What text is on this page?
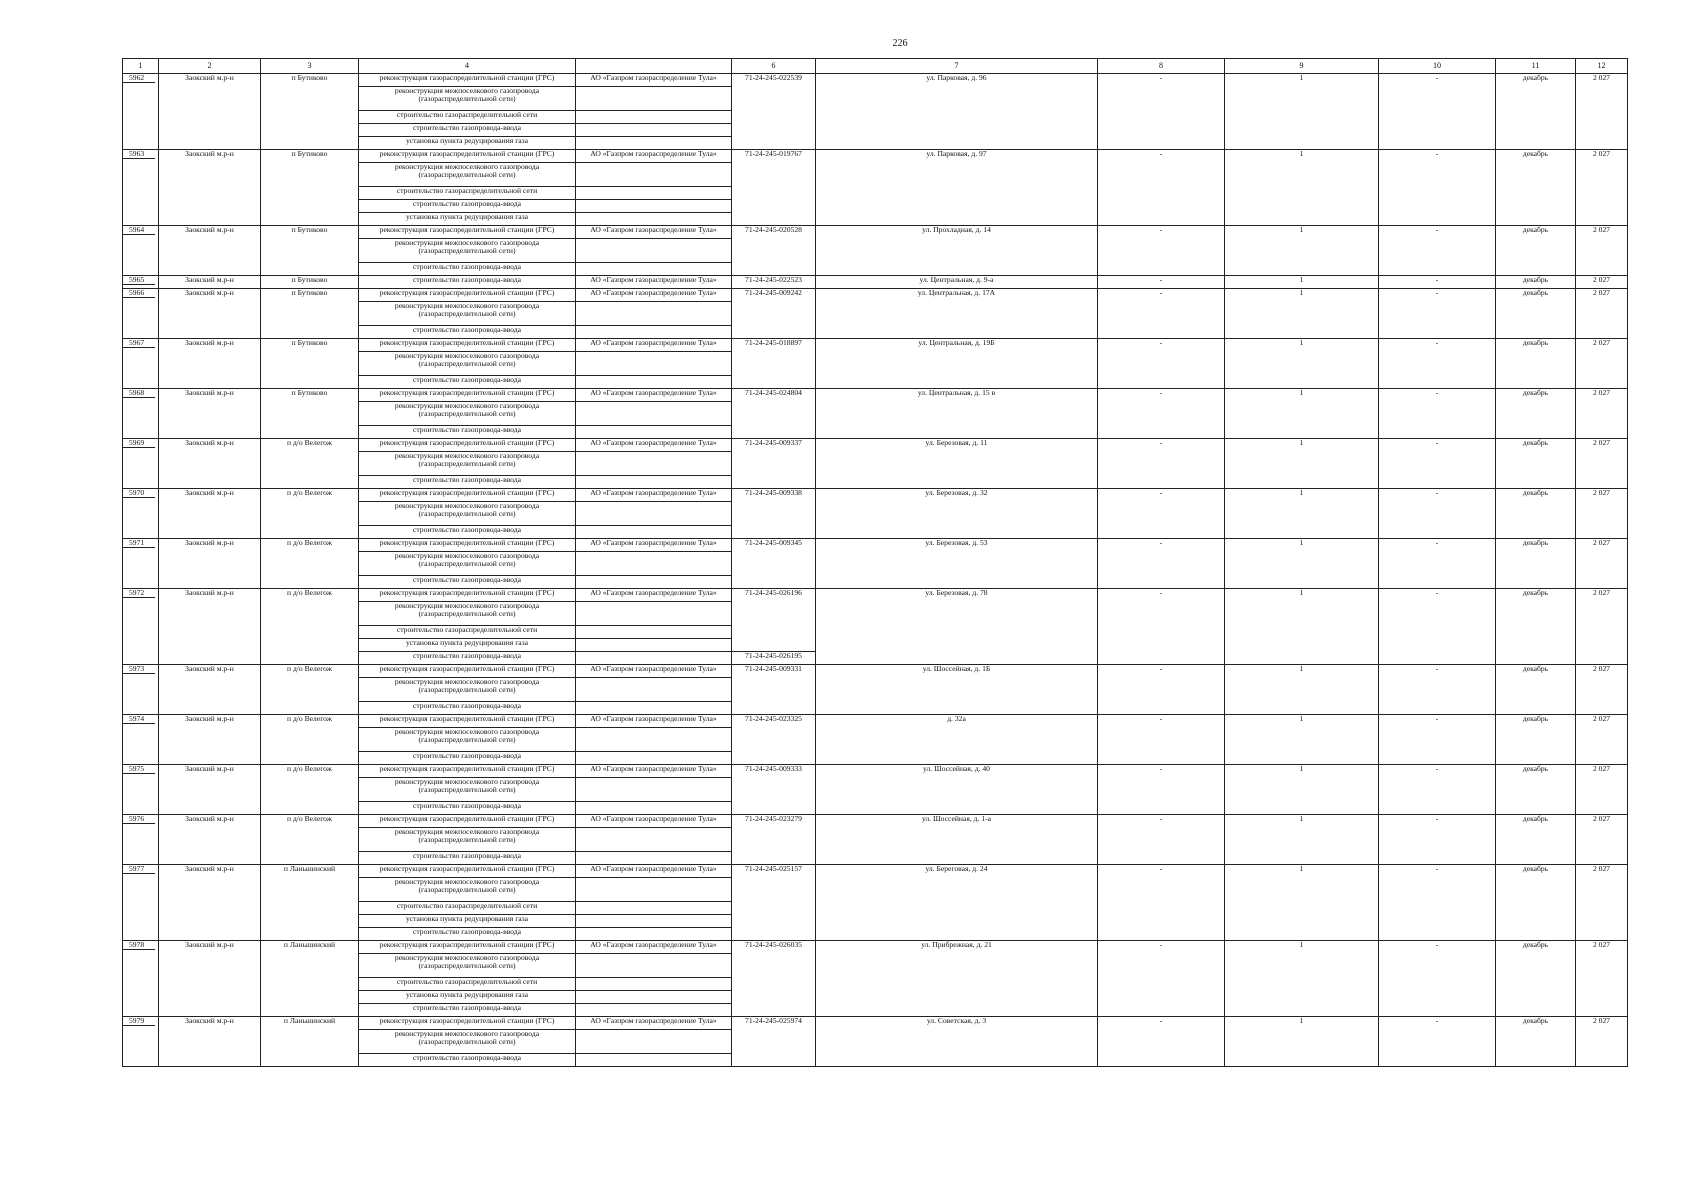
226
1	2	3	4		6	7	8	9	10	11	12

5962	Заокский м.р-н	п Бутиково	реконструкция газораспределительной станции (ГРС)	АО «Газпром газораспределение Тула»	71-24-245-022539	ул. Парковая, д. 96	-	1	-	декабрь	2 027
			реконструкция межпоселкового газопровода (газораспределительной сети)								
			строительство газораспределительной сети								
			строительство газопровода-ввода								
			установка пункта редуцирования газа								

5963	Заокский м.р-н	п Бутиково	реконструкция газораспределительной станции (ГРС)	АО «Газпром газораспределение Тула»	71-24-245-019767	ул. Парковая, д. 97	-	1	-	декабрь	2 027
			реконструкция межпоселкового газопровода (газораспределительной сети)								
			строительство газораспределительной сети								
			строительство газопровода-ввода								
			установка пункта редуцирования газа								

5964	Заокский м.р-н	п Бутиково	реконструкция газораспределительной станции (ГРС)	АО «Газпром газораспределение Тула»	71-24-245-020528	ул. Прохладная, д. 14	-	1	-	декабрь	2 027
			реконструкция межпоселкового газопровода (газораспределительной сети)								
			строительство газопровода-ввода								

5965	Заокский м.р-н	п Бутиково	строительство газопровода-ввода	АО «Газпром газораспределение Тула»	71-24-245-022523	ул. Центральная, д. 9-а	-	1	-	декабрь	2 027

5966	Заокский м.р-н	п Бутиково	реконструкция газораспределительной станции (ГРС)	АО «Газпром газораспределение Тула»	71-24-245-009242	ул. Центральная, д. 17А	-	1	-	декабрь	2 027
			реконструкция межпоселкового газопровода (газораспределительной сети)								
			строительство газопровода-ввода								

5967	Заокский м.р-н	п Бутиково	реконструкция газораспределительной станции (ГРС)	АО «Газпром газораспределение Тула»	71-24-245-018897	ул. Центральная, д. 19Б	-	1	-	декабрь	2 027
			реконструкция межпоселкового газопровода (газораспределительной сети)								
			строительство газопровода-ввода								

5968	Заокский м.р-н	п Бутиково	реконструкция газораспределительной станции (ГРС)	АО «Газпром газораспределение Тула»	71-24-245-024804	ул. Центральная, д. 15 в	-	1	-	декабрь	2 027
			реконструкция межпоселкового газопровода (газораспределительной сети)								
			строительство газопровода-ввода								

5969	Заокский м.р-н	п д/о Велегож	реконструкция газораспределительной станции (ГРС)	АО «Газпром газораспределение Тула»	71-24-245-009337	ул. Березовая, д. 11	-	1	-	декабрь	2 027
			реконструкция межпоселкового газопровода (газораспределительной сети)								
			строительство газопровода-ввода								

5970	Заокский м.р-н	п д/о Велегож	реконструкция газораспределительной станции (ГРС)	АО «Газпром газораспределение Тула»	71-24-245-009338	ул. Березовая, д. 32	-	1	-	декабрь	2 027
			реконструкция межпоселкового газопровода (газораспределительной сети)								
			строительство газопровода-ввода								

5971	Заокский м.р-н	п д/о Велегож	реконструкция газораспределительной станции (ГРС)	АО «Газпром газораспределение Тула»	71-24-245-009345	ул. Березовая, д. 53	-	1	-	декабрь	2 027
			реконструкция межпоселкового газопровода (газораспределительной сети)								
			строительство газопровода-ввода								

5972	Заокский м.р-н	п д/о Велегож	реконструкция газораспределительной станции (ГРС)	АО «Газпром газораспределение Тула»	71-24-245-026196	ул. Березовая, д. 78	-	1	-	декабрь	2 027
			реконструкция межпоселкового газопровода (газораспределительной сети)								
			строительство газораспределительной сети								
			установка пункта редуцирования газа								
			строительство газопровода-ввода		71-24-245-026195						

5973	Заокский м.р-н	п д/о Велегож	реконструкция газораспределительной станции (ГРС)	АО «Газпром газораспределение Тула»	71-24-245-009331	ул. Шоссейная, д. 1Б	-	1	-	декабрь	2 027
			реконструкция межпоселкового газопровода (газораспределительной сети)								
			строительство газопровода-ввода								

5974	Заокский м.р-н	п д/о Велегож	реконструкция газораспределительной станции (ГРС)	АО «Газпром газораспределение Тула»	71-24-245-023325	д. 32а	-	1	-	декабрь	2 027
			реконструкция межпоселкового газопровода (газораспределительной сети)								
			строительство газопровода-ввода								

5975	Заокский м.р-н	п д/о Велегож	реконструкция газораспределительной станции (ГРС)	АО «Газпром газораспределение Тула»	71-24-245-009333	ул. Шоссейная, д. 40	-	1	-	декабрь	2 027
			реконструкция межпоселкового газопровода (газораспределительной сети)								
			строительство газопровода-ввода								

5976	Заокский м.р-н	п д/о Велегож	реконструкция газораспределительной станции (ГРС)	АО «Газпром газораспределение Тула»	71-24-245-023279	ул. Шоссейная, д. 1-а	-	1	-	декабрь	2 027
			реконструкция межпоселкового газопровода (газораспределительной сети)								
			строительство газопровода-ввода								

5977	Заокский м.р-н	п Ланьшинский	реконструкция газораспределительной станции (ГРС)	АО «Газпром газораспределение Тула»	71-24-245-025157	ул. Береговая, д. 24	-	1	-	декабрь	2 027
			реконструкция межпоселкового газопровода (газораспределительной сети)								
			строительство газораспределительной сети								
			установка пункта редуцирования газа								
			строительство газопровода-ввода								

5978	Заокский м.р-н	п Ланьшинский	реконструкция газораспределительной станции (ГРС)	АО «Газпром газораспределение Тула»	71-24-245-026035	ул. Прибрежная, д. 21	-	1	-	декабрь	2 027
			реконструкция межпоселкового газопровода (газораспределительной сети)								
			строительство газораспределительной сети								
			установка пункта редуцирования газа								
			строительство газопровода-ввода								

5979	Заокский м.р-н	п Ланьшинский	реконструкция газораспределительной станции (ГРС)	АО «Газпром газораспределение Тула»	71-24-245-025974	ул. Советская, д. 3	-	1	-	декабрь	2 027
			реконструкция межпоселкового газопровода (газораспределительной сети)								
			строительство газопровода-ввода								
